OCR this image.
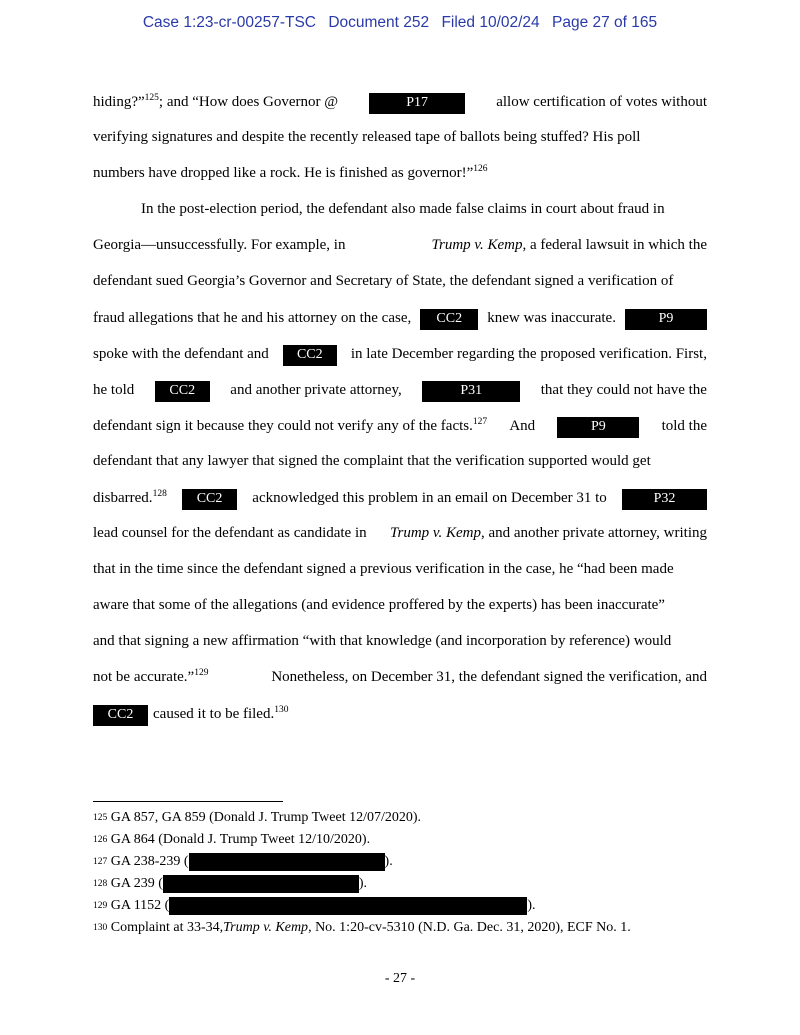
Case 1:23-cr-00257-TSC Document 252 Filed 10/02/24 Page 27 of 165
hiding?”$^{125}$; and “How does Governor @	P17	allow certification of votes without
verifying signatures and despite the recently released tape of ballots being stuffed? His poll
numbers have dropped like a rock. He is finished as governor!”$^{126}$
In the post-election period, the defendant also made false claims in court about fraud in
Georgia—unsuccessfully. For example, in	Trump v. Kemp, a federal lawsuit in which the
defendant sued Georgia’s Governor and Secretary of State, the defendant signed a verification of
fraud allegations that he and his attorney on the case,	CC2	knew was inaccurate.	P9
spoke with the defendant and	CC2	in late December regarding the proposed verification. First,
he told	CC2	and another private attorney,	P31	that they could not have the
defendant sign it because they could not verify any of the facts.$^{127}$ And	P9	told the
defendant that any lawyer that signed the complaint that the verification supported would get
disbarred.$^{128}$	CC2	acknowledged this problem in an email on December 31 to	P32
lead counsel for the defendant as candidate in Trump v. Kemp, and another private attorney, writing
that in the time since the defendant signed a previous verification in the case, he “had been made
aware that some of the allegations (and evidence proffered by the experts) has been inaccurate”
and that signing a new affirmation “with that knowledge (and incorporation by reference) would
not be accurate.”$^{129}$	Nonetheless, on December 31, the defendant signed the verification, and
CC2	caused it to be filed.$^{130}$
125
GA 857, GA 859 (Donald J. Trump Tweet 12/07/2020).
126
GA 864 (Donald J. Trump Tweet 12/10/2020).
127
GA 238-239 (	).
128
GA 239 (	).
129
GA 1152 (	).
130
Complaint at 33-34, Trump v. Kemp , No. 1:20-cv-5310 (N.D. Ga. Dec. 31, 2020), ECF No. 1.
- 27 -
